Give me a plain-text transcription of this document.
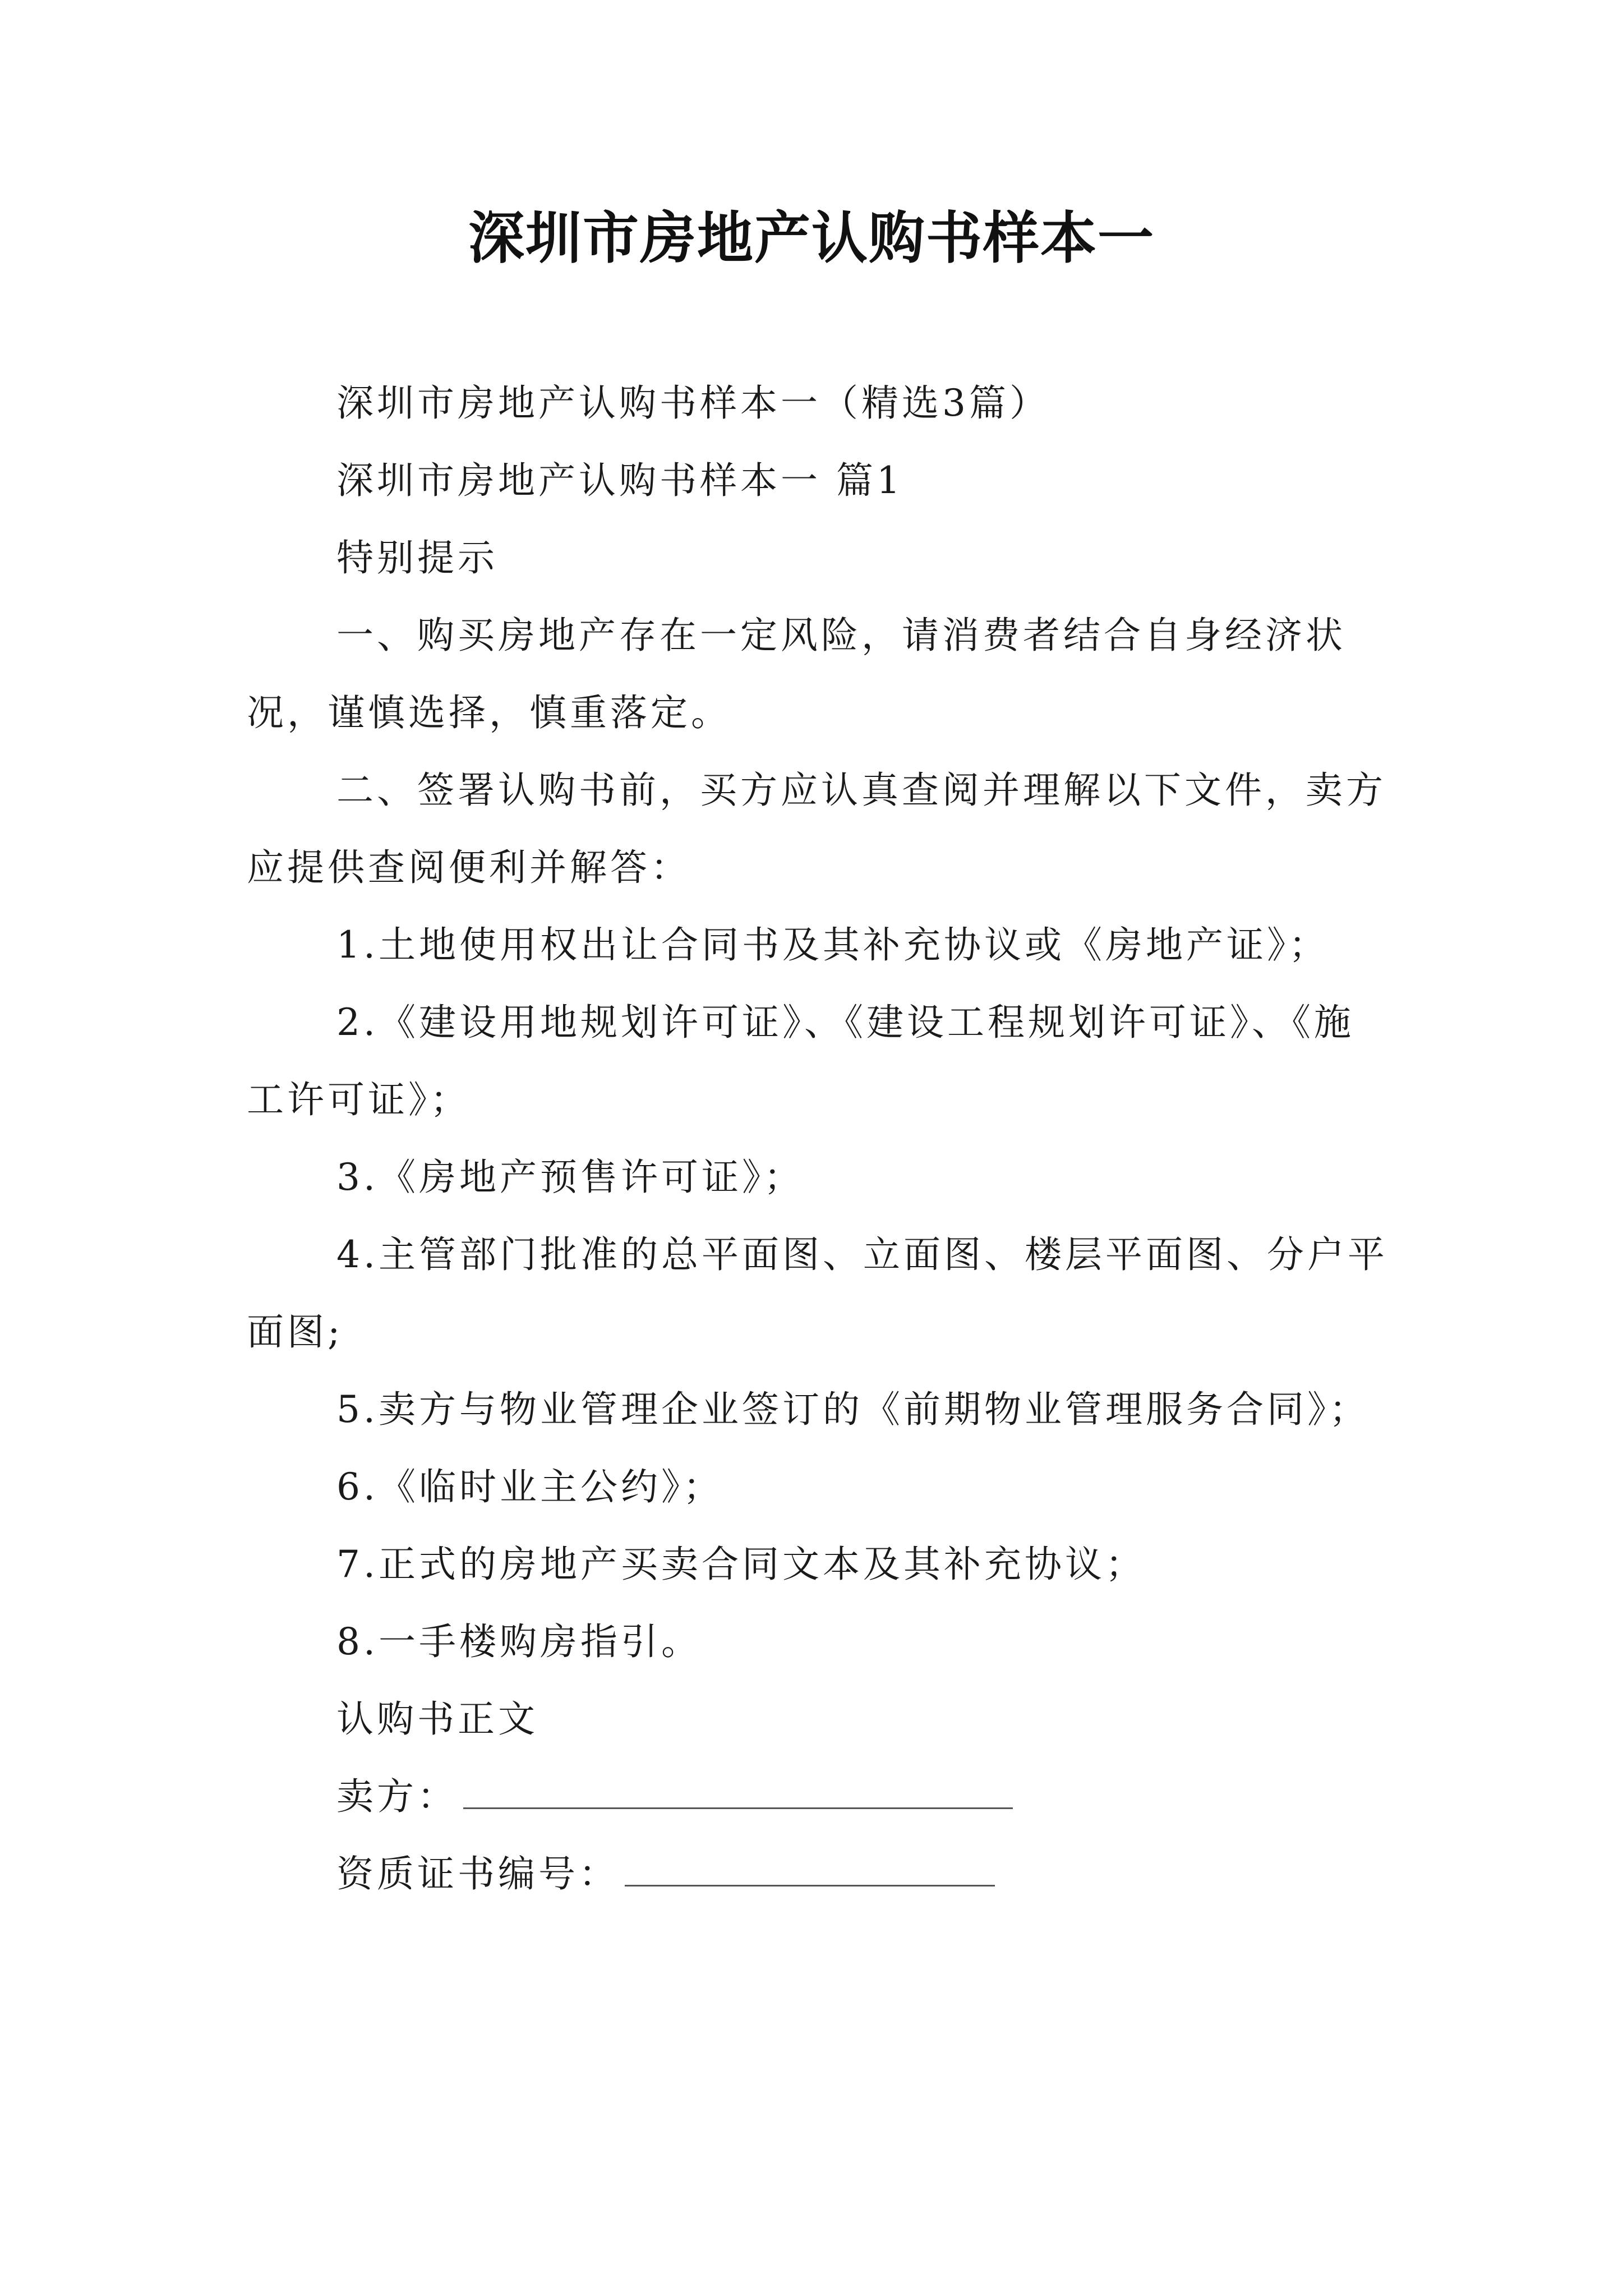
深圳市房地产认购书样本一

深圳市房地产认购书样本一（精选3篇）

深圳市房地产认购书样本一 篇1

特别提示

一、购买房地产存在一定风险，请消费者结合自身经济状况，谨慎选择，慎重落定。

二、签署认购书前，买方应认真查阅并理解以下文件，卖方应提供查阅便利并解答：

1.土地使用权出让合同书及其补充协议或《房地产证》；

2.《建设用地规划许可证》、《建设工程规划许可证》、《施工许可证》；

3.《房地产预售许可证》；

4.主管部门批准的总平面图、立面图、楼层平面图、分户平面图;

5.卖方与物业管理企业签订的《前期物业管理服务合同》；

6.《临时业主公约》；

7.正式的房地产买卖合同文本及其补充协议；

8.一手楼购房指引。

认购书正文

卖方：
资质证书编号：
